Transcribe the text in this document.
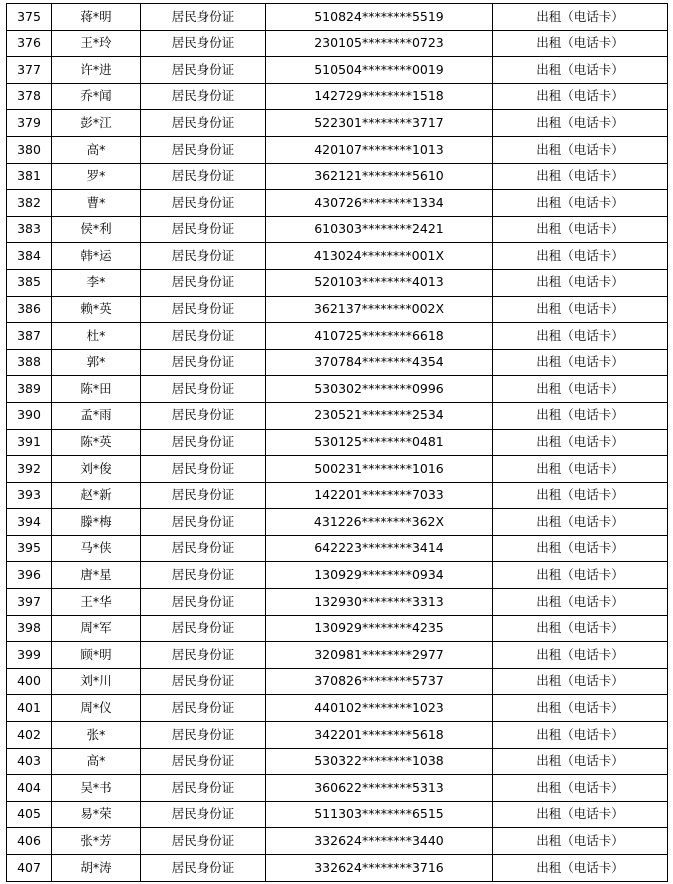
375	蒋*明	居民身份证	510824********5519	出租（电话卡）
376	王*玲	居民身份证	230105********0723	出租（电话卡）
377	许*进	居民身份证	510504********0019	出租（电话卡）
378	乔*闻	居民身份证	142729********1518	出租（电话卡）
379	彭*江	居民身份证	522301********3717	出租（电话卡）
380	高*	居民身份证	420107********1013	出租（电话卡）
381	罗*	居民身份证	362121********5610	出租（电话卡）
382	曹*	居民身份证	430726********1334	出租（电话卡）
383	侯*利	居民身份证	610303********2421	出租（电话卡）
384	韩*运	居民身份证	413024********001X	出租（电话卡）
385	李*	居民身份证	520103********4013	出租（电话卡）
386	赖*英	居民身份证	362137********002X	出租（电话卡）
387	杜*	居民身份证	410725********6618	出租（电话卡）
388	郭*	居民身份证	370784********4354	出租（电话卡）
389	陈*田	居民身份证	530302********0996	出租（电话卡）
390	孟*雨	居民身份证	230521********2534	出租（电话卡）
391	陈*英	居民身份证	530125********0481	出租（电话卡）
392	刘*俊	居民身份证	500231********1016	出租（电话卡）
393	赵*新	居民身份证	142201********7033	出租（电话卡）
394	滕*梅	居民身份证	431226********362X	出租（电话卡）
395	马*侠	居民身份证	642223********3414	出租（电话卡）
396	唐*星	居民身份证	130929********0934	出租（电话卡）
397	王*华	居民身份证	132930********3313	出租（电话卡）
398	周*军	居民身份证	130929********4235	出租（电话卡）
399	顾*明	居民身份证	320981********2977	出租（电话卡）
400	刘*川	居民身份证	370826********5737	出租（电话卡）
401	周*仪	居民身份证	440102********1023	出租（电话卡）
402	张*	居民身份证	342201********5618	出租（电话卡）
403	高*	居民身份证	530322********1038	出租（电话卡）
404	吴*书	居民身份证	360622********5313	出租（电话卡）
405	易*荣	居民身份证	511303********6515	出租（电话卡）
406	张*芳	居民身份证	332624********3440	出租（电话卡）
407	胡*涛	居民身份证	332624********3716	出租（电话卡）
